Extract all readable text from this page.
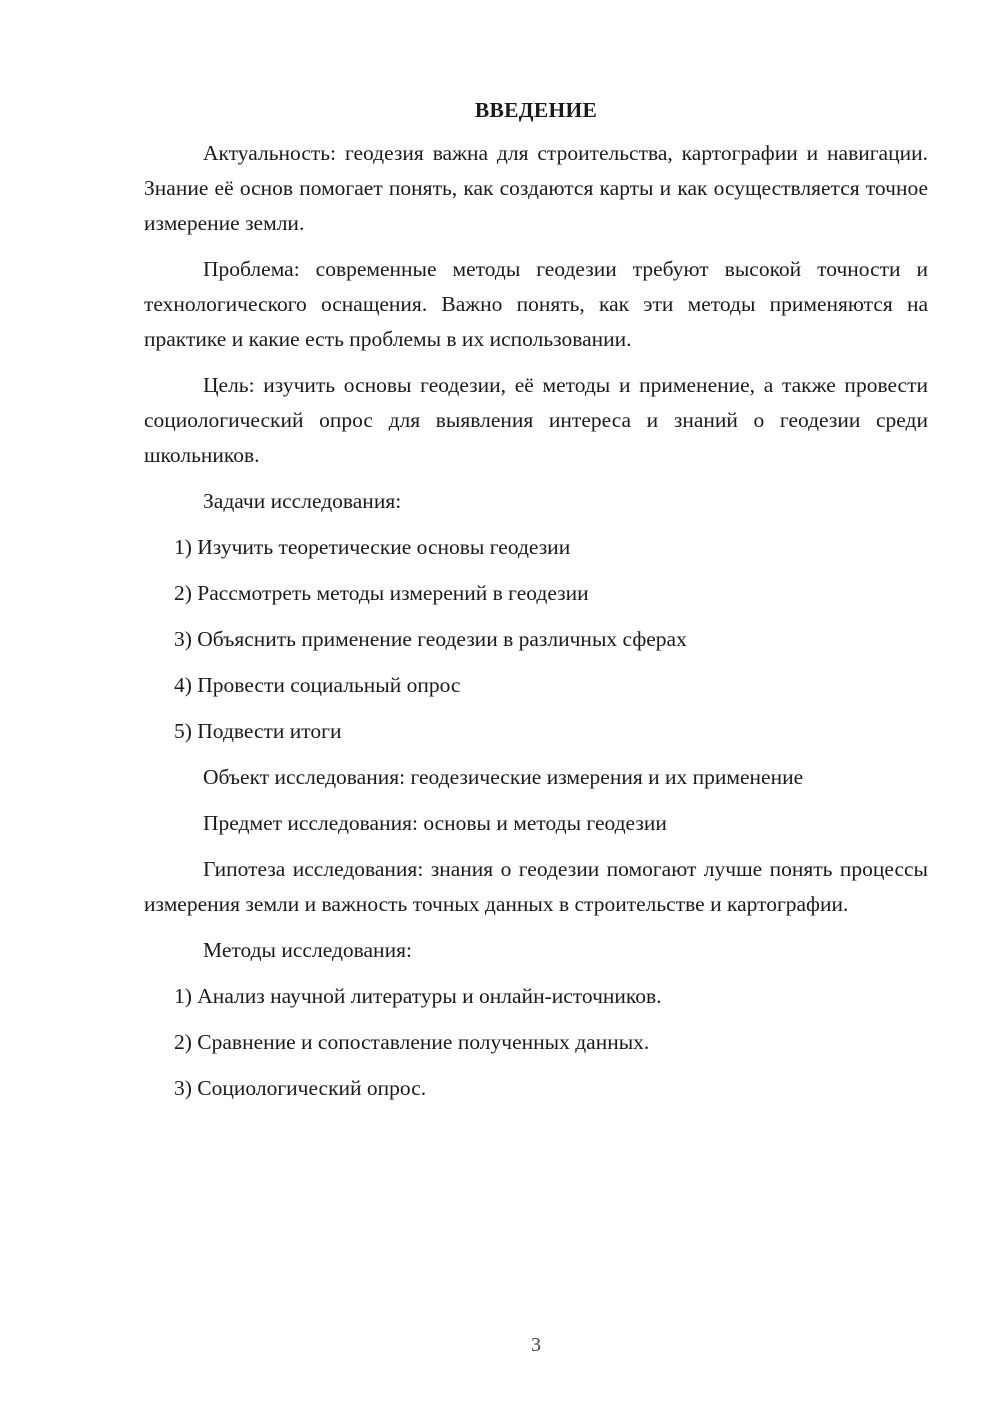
ВВЕДЕНИЕ

Актуальность: геодезия важна для строительства, картографии и навигации. Знание её основ помогает понять, как создаются карты и как осуществляется точное измерение земли.

Проблема: современные методы геодезии требуют высокой точности и технологического оснащения. Важно понять, как эти методы применяются на практике и какие есть проблемы в их использовании.

Цель: изучить основы геодезии, её методы и применение, а также провести социологический опрос для выявления интереса и знаний о геодезии среди школьников.

Задачи исследования:
1) Изучить теоретические основы геодезии
2) Рассмотреть методы измерений в геодезии
3) Объяснить применение геодезии в различных сферах
4) Провести социальный опрос
5) Подвести итоги
Объект исследования: геодезические измерения и их применение
Предмет исследования: основы и методы геодезии

Гипотеза исследования: знания о геодезии помогают лучше понять процессы измерения земли и важность точных данных в строительстве и картографии.

Методы исследования:
1) Анализ научной литературы и онлайн-источников.
2) Сравнение и сопоставление полученных данных.
3) Социологический опрос.
3
